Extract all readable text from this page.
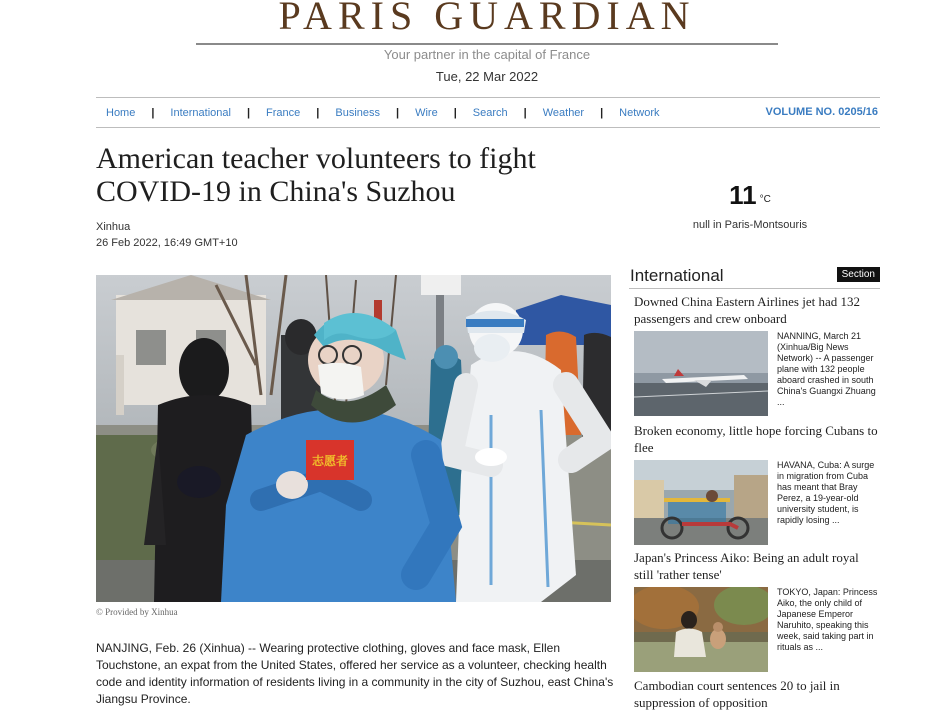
PARIS GUARDIAN
Your partner in the capital of France
Tue, 22 Mar 2022
Home | International | France | Business | Wire | Search | Weather | Network	VOLUME NO. 0205/16
American teacher volunteers to fight COVID-19 in China's Suzhou
Xinhua
26 Feb 2022, 16:49 GMT+10
11 °C
null in Paris-Montsouris
志愿者
© Provided by Xinhua

NANJING, Feb. 26 (Xinhua) -- Wearing protective clothing, gloves and face mask, Ellen Touchstone, an expat from the United States, offered her service as a volunteer, checking health code and identity information of residents living in a community in the city of Suzhou, east China's Jiangsu Province.

International	Section
Downed China Eastern Airlines jet had 132 passengers and crew onboard
NANNING, March 21 (Xinhua/Big News Network) -- A passenger plane with 132 people aboard crashed in south China's Guangxi Zhuang ...
Broken economy, little hope forcing Cubans to flee
HAVANA, Cuba: A surge in migration from Cuba has meant that Bray Perez, a 19-year-old university student, is rapidly losing ...
Japan's Princess Aiko: Being an adult royal still 'rather tense'
TOKYO, Japan: Princess Aiko, the only child of Japanese Emperor Naruhito, speaking this week, said taking part in rituals as ...
Cambodian court sentences 20 to jail in suppression of opposition
